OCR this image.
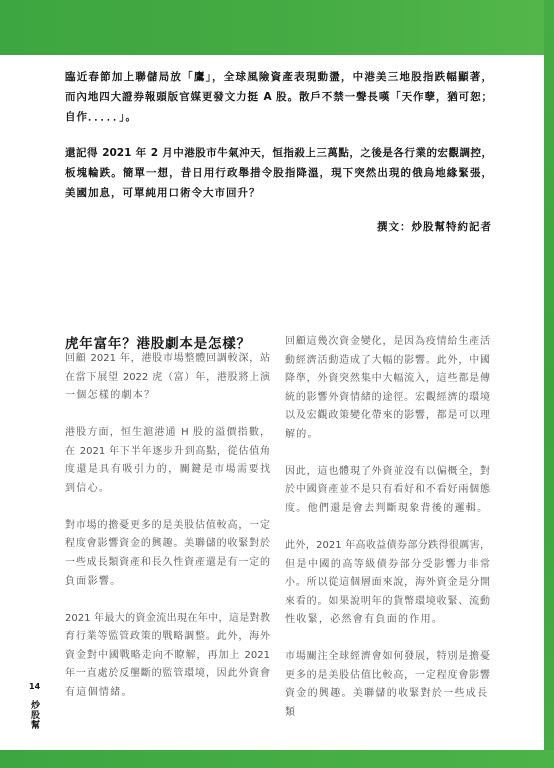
臨近春節加上聯儲局放「鷹」，全球風險資產表現動盪，中港美三地股指跌幅顯著，
而內地四大證券報頭版官媒更發文力挺 A 股。散戶不禁一聲長嘆「天作孽，猶可恕；
自作．．．．．」。
還記得 2021 年 2 月中港股市牛氣沖天，恒指殺上三萬點，之後是各行業的宏觀調控，
板塊輪跌。簡單一想，昔日用行政舉措令股指降溫，現下突然出現的俄烏地緣緊張，
美國加息，可單純用口術令大市回升？
撰文：炒股幫特約記者
虎年富年？港股劇本是怎樣？
回顧 2021 年，港股市場整體回調較深，站
在當下展望 2022 虎（富）年，港股將上演
一個怎樣的劇本？
港股方面，恒生滬港通 H 股的溢價指數，
在 2021 年下半年逐步升到高點，從估值角
度還是具有吸引力的，關鍵是市場需要找
到信心。
對市場的擔憂更多的是美股估值較高，一定
程度會影響資金的興趣。美聯儲的收緊對於
一些成長類資產和長久性資產還是有一定的
負面影響。
2021 年最大的資金流出現在年中，這是對教
育行業等監管政策的戰略調整。此外，海外
資金對中國戰略走向不瞭解，再加上 2021
年一直處於反壟斷的監管環境，因此外資會
有這個情緒。
回顧這幾次資金變化，是因為疫情給生產活
動經濟活動造成了大幅的影響。此外，中國
降準，外資突然集中大幅流入，這些都是傳
統的影響外資情緒的途徑。宏觀經濟的環境
以及宏觀政策變化帶來的影響，都是可以理
解的。
因此，這也體現了外資並沒有以偏概全，對
於中國資產並不是只有看好和不看好兩個態
度。他們還是會去判斷現象背後的邏輯。
此外，2021 年高收益債券部分跌得很厲害，
但是中國的高等級債券部分受影響力非常
小。所以從這個層面來說，海外資金是分開
來看的。如果說明年的貨幣環境收緊、流動
性收緊，必然會有負面的作用。
市場關注全球經濟會如何發展，特別是擔憂
更多的是美股估值比較高，一定程度會影響
資金的興趣。美聯儲的收緊對於一些成長類
14
炒股幫
